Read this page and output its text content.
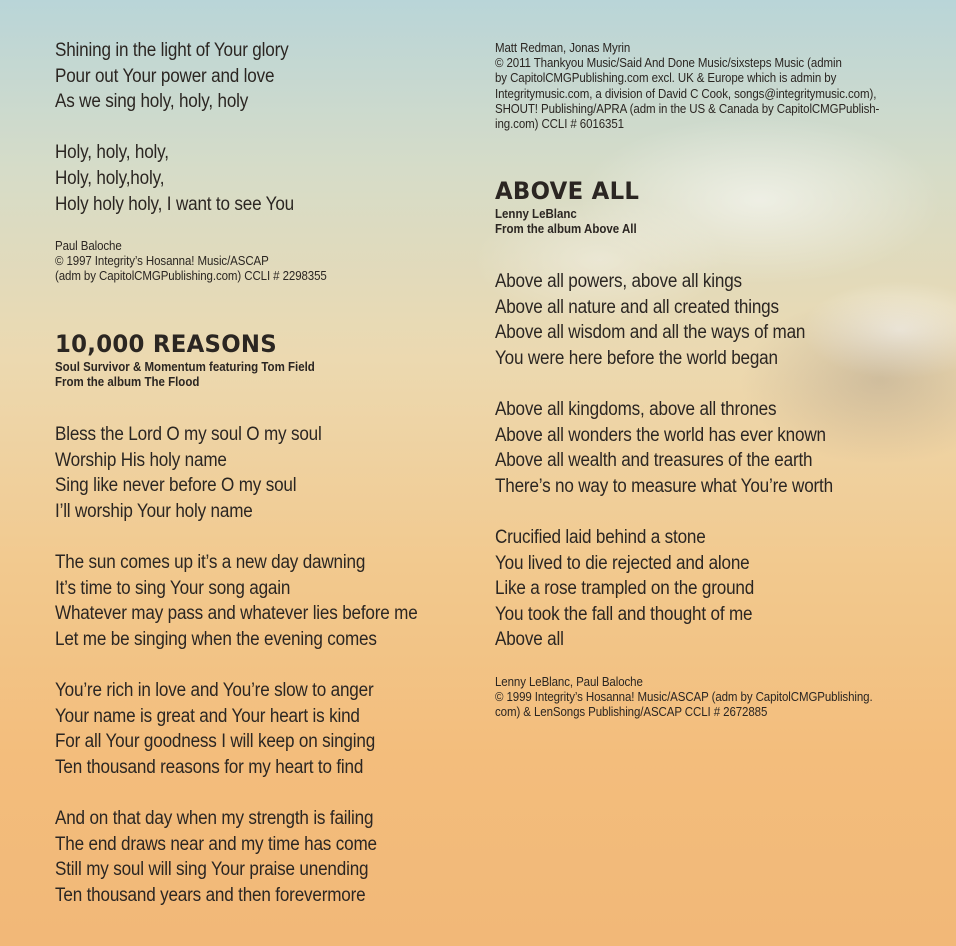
Shining in the light of Your glory
Pour out Your power and love
As we sing holy, holy, holy
Holy, holy, holy,
Holy, holy,holy,
Holy holy holy, I want to see You
Paul Baloche
© 1997 Integrity’s Hosanna! Music/ASCAP
(adm by CapitolCMGPublishing.com) CCLI # 2298355
10,000 REASONS
Soul Survivor & Momentum featuring Tom Field
From the album The Flood
Bless the Lord O my soul O my soul
Worship His holy name
Sing like never before O my soul
I’ll worship Your holy name
The sun comes up it’s a new day dawning
It’s time to sing Your song again
Whatever may pass and whatever lies before me
Let me be singing when the evening comes
You’re rich in love and You’re slow to anger
Your name is great and Your heart is kind
For all Your goodness I will keep on singing
Ten thousand reasons for my heart to find
And on that day when my strength is failing
The end draws near and my time has come
Still my soul will sing Your praise unending
Ten thousand years and then forevermore
Matt Redman, Jonas Myrin
© 2011 Thankyou Music/Said And Done Music/sixsteps Music (admin
by CapitolCMGPublishing.com excl. UK & Europe which is admin by
Integritymusic.com, a division of David C Cook, songs@integritymusic.com),
SHOUT! Publishing/APRA (adm in the US & Canada by CapitolCMGPublish-
ing.com) CCLI # 6016351
ABOVE ALL
Lenny LeBlanc
From the album Above All
Above all powers, above all kings
Above all nature and all created things
Above all wisdom and all the ways of man
You were here before the world began
Above all kingdoms, above all thrones
Above all wonders the world has ever known
Above all wealth and treasures of the earth
There’s no way to measure what You’re worth
Crucified laid behind a stone
You lived to die rejected and alone
Like a rose trampled on the ground
You took the fall and thought of me
Above all
Lenny LeBlanc, Paul Baloche
© 1999 Integrity’s Hosanna! Music/ASCAP (adm by CapitolCMGPublishing.
com) & LenSongs Publishing/ASCAP CCLI # 2672885
